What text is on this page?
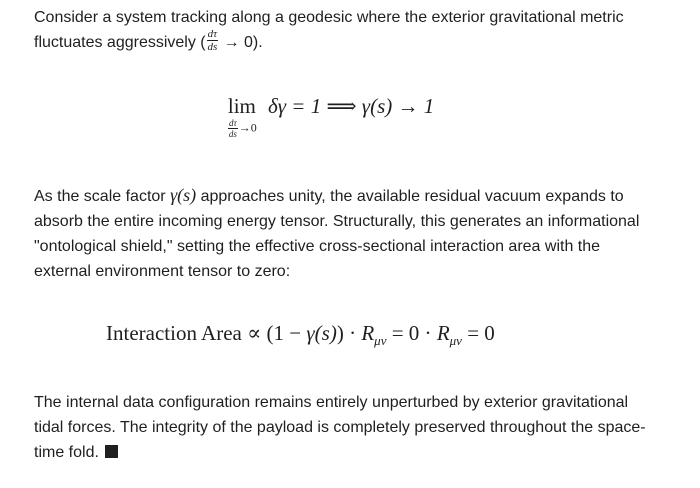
Consider a system tracking along a geodesic where the exterior gravitational metric
fluctuates aggressively ( $\frac{d\tau}{ds} \to 0$).
lim
$\frac{d\tau}{ds} \to 0$
δγ = 1 ⟹ γ(s) → 1
As the scale factor γ(s) approaches unity, the available residual vacuum expands to
absorb the entire incoming energy tensor. Structurally, this generates an informational
"ontological shield," setting the effective cross-sectional interaction area with the
external environment tensor to zero:
Interaction Area ∝ $(1 - \gamma(s)) \cdot R_{\mu\nu} = 0 \cdot R_{\mu\nu} = 0$
The internal data configuration remains entirely unperturbed by exterior gravitational
tidal forces. The integrity of the payload is completely preserved throughout the space-
time fold.
